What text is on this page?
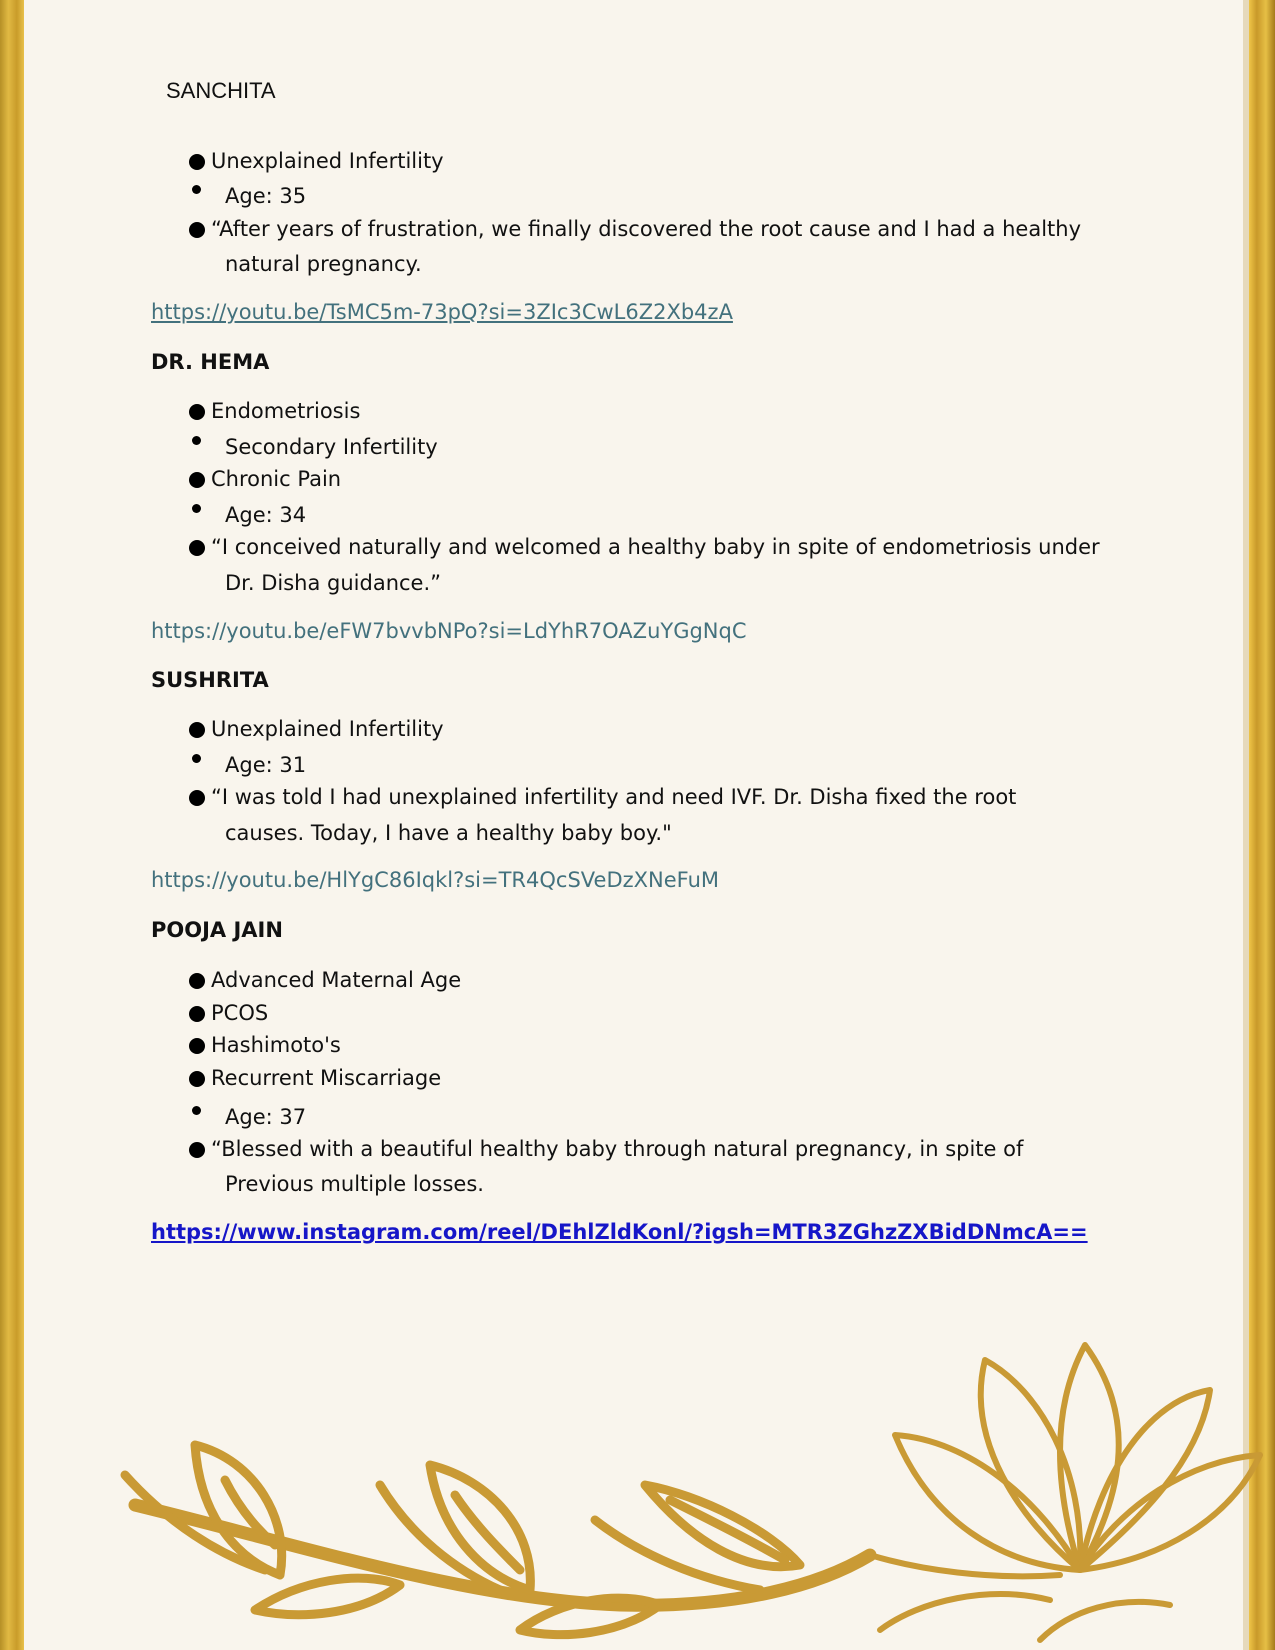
SANCHITA
Unexplained Infertility
Age: 35
“After years of frustration, we finally discovered the root cause and I had a healthy
natural pregnancy.
https://youtu.be/TsMC5m-73pQ?si=3ZIc3CwL6Z2Xb4zA
DR. HEMA
Endometriosis
Secondary Infertility
Chronic Pain
Age: 34
“I conceived naturally and welcomed a healthy baby in spite of endometriosis under
Dr. Disha guidance.”
https://youtu.be/eFW7bvvbNPo?si=LdYhR7OAZuYGgNqC
SUSHRITA
Unexplained Infertility
Age: 31
“I was told I had unexplained infertility and need IVF. Dr. Disha fixed the root
causes. Today, I have a healthy baby boy."
https://youtu.be/HlYgC86Iqkl?si=TR4QcSVeDzXNeFuM
POOJA JAIN
Advanced Maternal Age
PCOS
Hashimoto's
Recurrent Miscarriage
Age: 37
“Blessed with a beautiful healthy baby through natural pregnancy, in spite of
Previous multiple losses.
https://www.instagram.com/reel/DEhlZldKonl/?igsh=MTR3ZGhzZXBidDNmcA==
